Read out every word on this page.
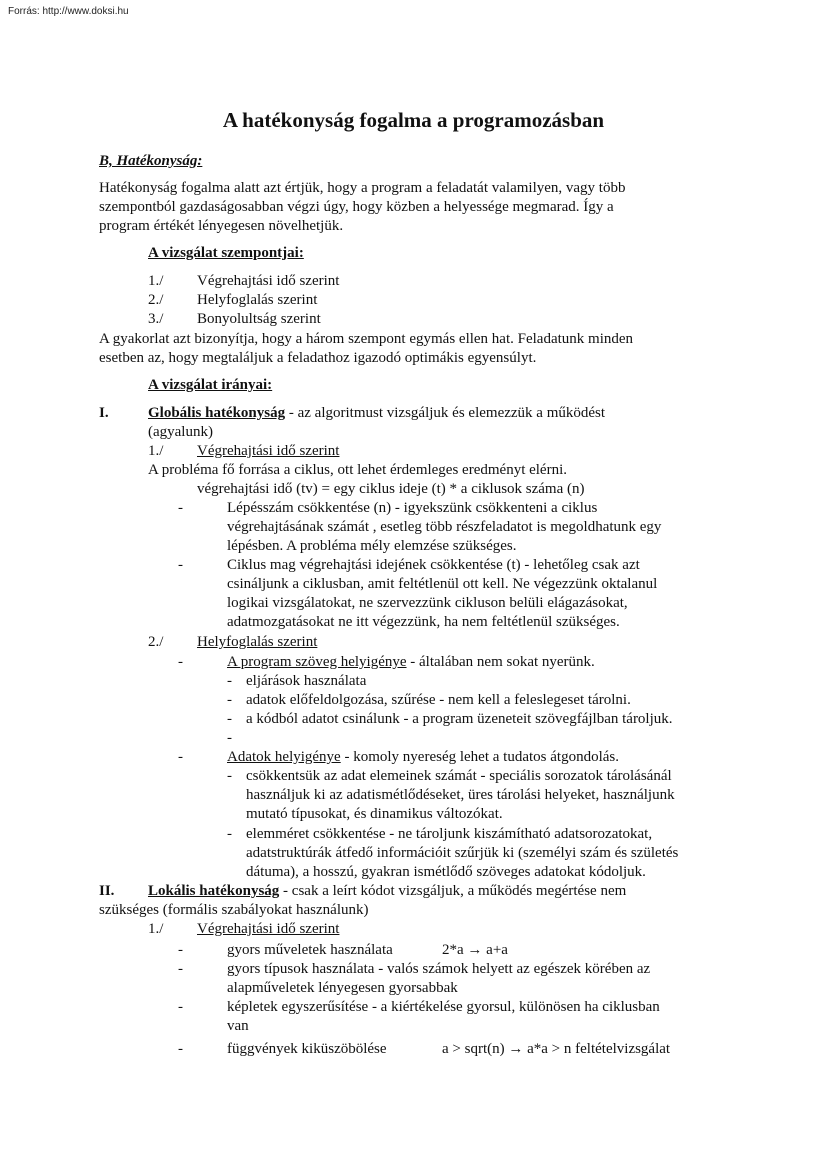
Forrás: http://www.doksi.hu
A hatékonyság fogalma a programozásban
B, Hatékonyság:
Hatékonyság fogalma alatt azt értjük, hogy a program a feladatát valamilyen, vagy több
szempontból gazdaságosabban végzi úgy, hogy közben a helyessége megmarad. Így a
program értékét lényegesen növelhetjük.
A vizsgálat szempontjai:
1./ Végrehajtási idő szerint
2./ Helyfoglalás szerint
3./ Bonyolultság szerint
A gyakorlat azt bizonyítja, hogy a három szempont egymás ellen hat. Feladatunk minden
esetben az, hogy megtaláljuk a feladathoz igazodó optimákis egyensúlyt.
A vizsgálat irányai:
I.	Globális hatékonyság - az algoritmust vizsgáljuk és elemezzük a működést
(agyalunk)
1./ Végrehajtási idő szerint
A probléma fő forrása a ciklus, ott lehet érdemleges eredményt elérni.
végrehajtási idő (tv) = egy ciklus ideje (t) * a ciklusok száma (n)
-	Lépésszám csökkentése (n) - igyekszünk csökkenteni a ciklus
végrehajtásának számát , esetleg több részfeladatot is megoldhatunk egy
lépésben. A probléma mély elemzése szükséges.
-	Ciklus mag végrehajtási idejének csökkentése (t) - lehetőleg csak azt
csináljunk a ciklusban, amit feltétlenül ott kell. Ne végezzünk oktalanul
logikai vizsgálatokat, ne szervezzünk cikluson belüli elágazásokat,
adatmozgatásokat ne itt végezzünk, ha nem feltétlenül szükséges.
2./ Helyfoglalás szerint
-	A program szöveg helyigénye - általában nem sokat nyerünk.
- eljárások használata
- adatok előfeldolgozása, szűrése - nem kell a feleslegeset tárolni.
- a kódból adatot csinálunk - a program üzeneteit szövegfájlban tároljuk.
-
-	Adatok helyigénye - komoly nyereség lehet a tudatos átgondolás.
- csökkentsük az adat elemeinek számát - speciális sorozatok tárolásánál
használjuk ki az adatismétlődéseket, üres tárolási helyeket, használjunk
mutató típusokat, és dinamikus változókat.
- elemméret csökkentése - ne tároljunk kiszámítható adatsorozatokat,
adatstruktúrák átfedő információit szűrjük ki (személyi szám és születés
dátuma), a hosszú, gyakran ismétlődő szöveges adatokat kódoljuk.
II. Lokális hatékonyság - csak a leírt kódot vizsgáljuk, a működés megértése nem
szükséges (formális szabályokat használunk)
1./ Végrehajtási idő szerint
-	gyors műveletek használata	2*a → a+a
-	gyors típusok használata - valós számok helyett az egészek körében az
alapműveletek lényegesen gyorsabbak
-	képletek egyszerűsítése - a kiértékelése gyorsul, különösen ha ciklusban
van
-	függvények kiküszöbölése	a > sqrt(n) → a*a > n feltételvizsgálat
